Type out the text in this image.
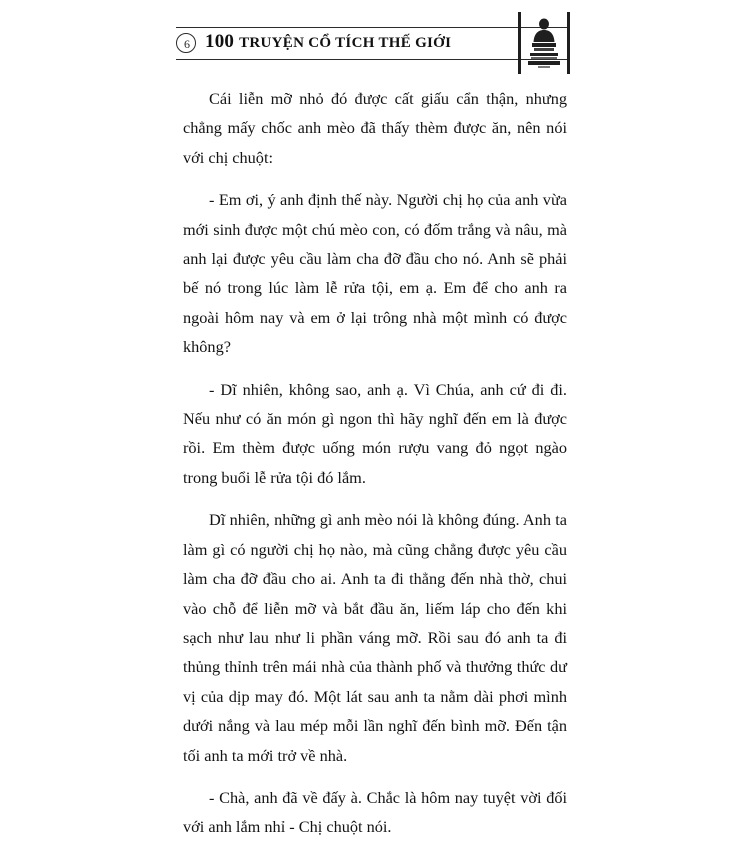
6 100 TRUYỆN CỔ TÍCH THẾ GIỚI

Cái liễn mỡ nhỏ đó được cất giấu cẩn thận, nhưng chẳng mấy chốc anh mèo đã thấy thèm được ăn, nên nói với chị chuột:

- Em ơi, ý anh định thế này. Người chị họ của anh vừa mới sinh được một chú mèo con, có đốm trắng và nâu, mà anh lại được yêu cầu làm cha đỡ đầu cho nó. Anh sẽ phải bế nó trong lúc làm lễ rửa tội, em ạ. Em để cho anh ra ngoài hôm nay và em ở lại trông nhà một mình có được không?

- Dĩ nhiên, không sao, anh ạ. Vì Chúa, anh cứ đi đi. Nếu như có ăn món gì ngon thì hãy nghĩ đến em là được rồi. Em thèm được uống món rượu vang đỏ ngọt ngào trong buổi lễ rửa tội đó lắm.

Dĩ nhiên, những gì anh mèo nói là không đúng. Anh ta làm gì có người chị họ nào, mà cũng chẳng được yêu cầu làm cha đỡ đầu cho ai. Anh ta đi thẳng đến nhà thờ, chui vào chỗ để liễn mỡ và bắt đầu ăn, liếm láp cho đến khi sạch như lau như li phần váng mỡ. Rồi sau đó anh ta đi thủng thỉnh trên mái nhà của thành phố và thưởng thức dư vị của dịp may đó. Một lát sau anh ta nằm dài phơi mình dưới nắng và lau mép mỗi lần nghĩ đến bình mỡ. Đến tận tối anh ta mới trở về nhà.

- Chà, anh đã về đấy à. Chắc là hôm nay tuyệt vời đối với anh lắm nhỉ - Chị chuột nói.
